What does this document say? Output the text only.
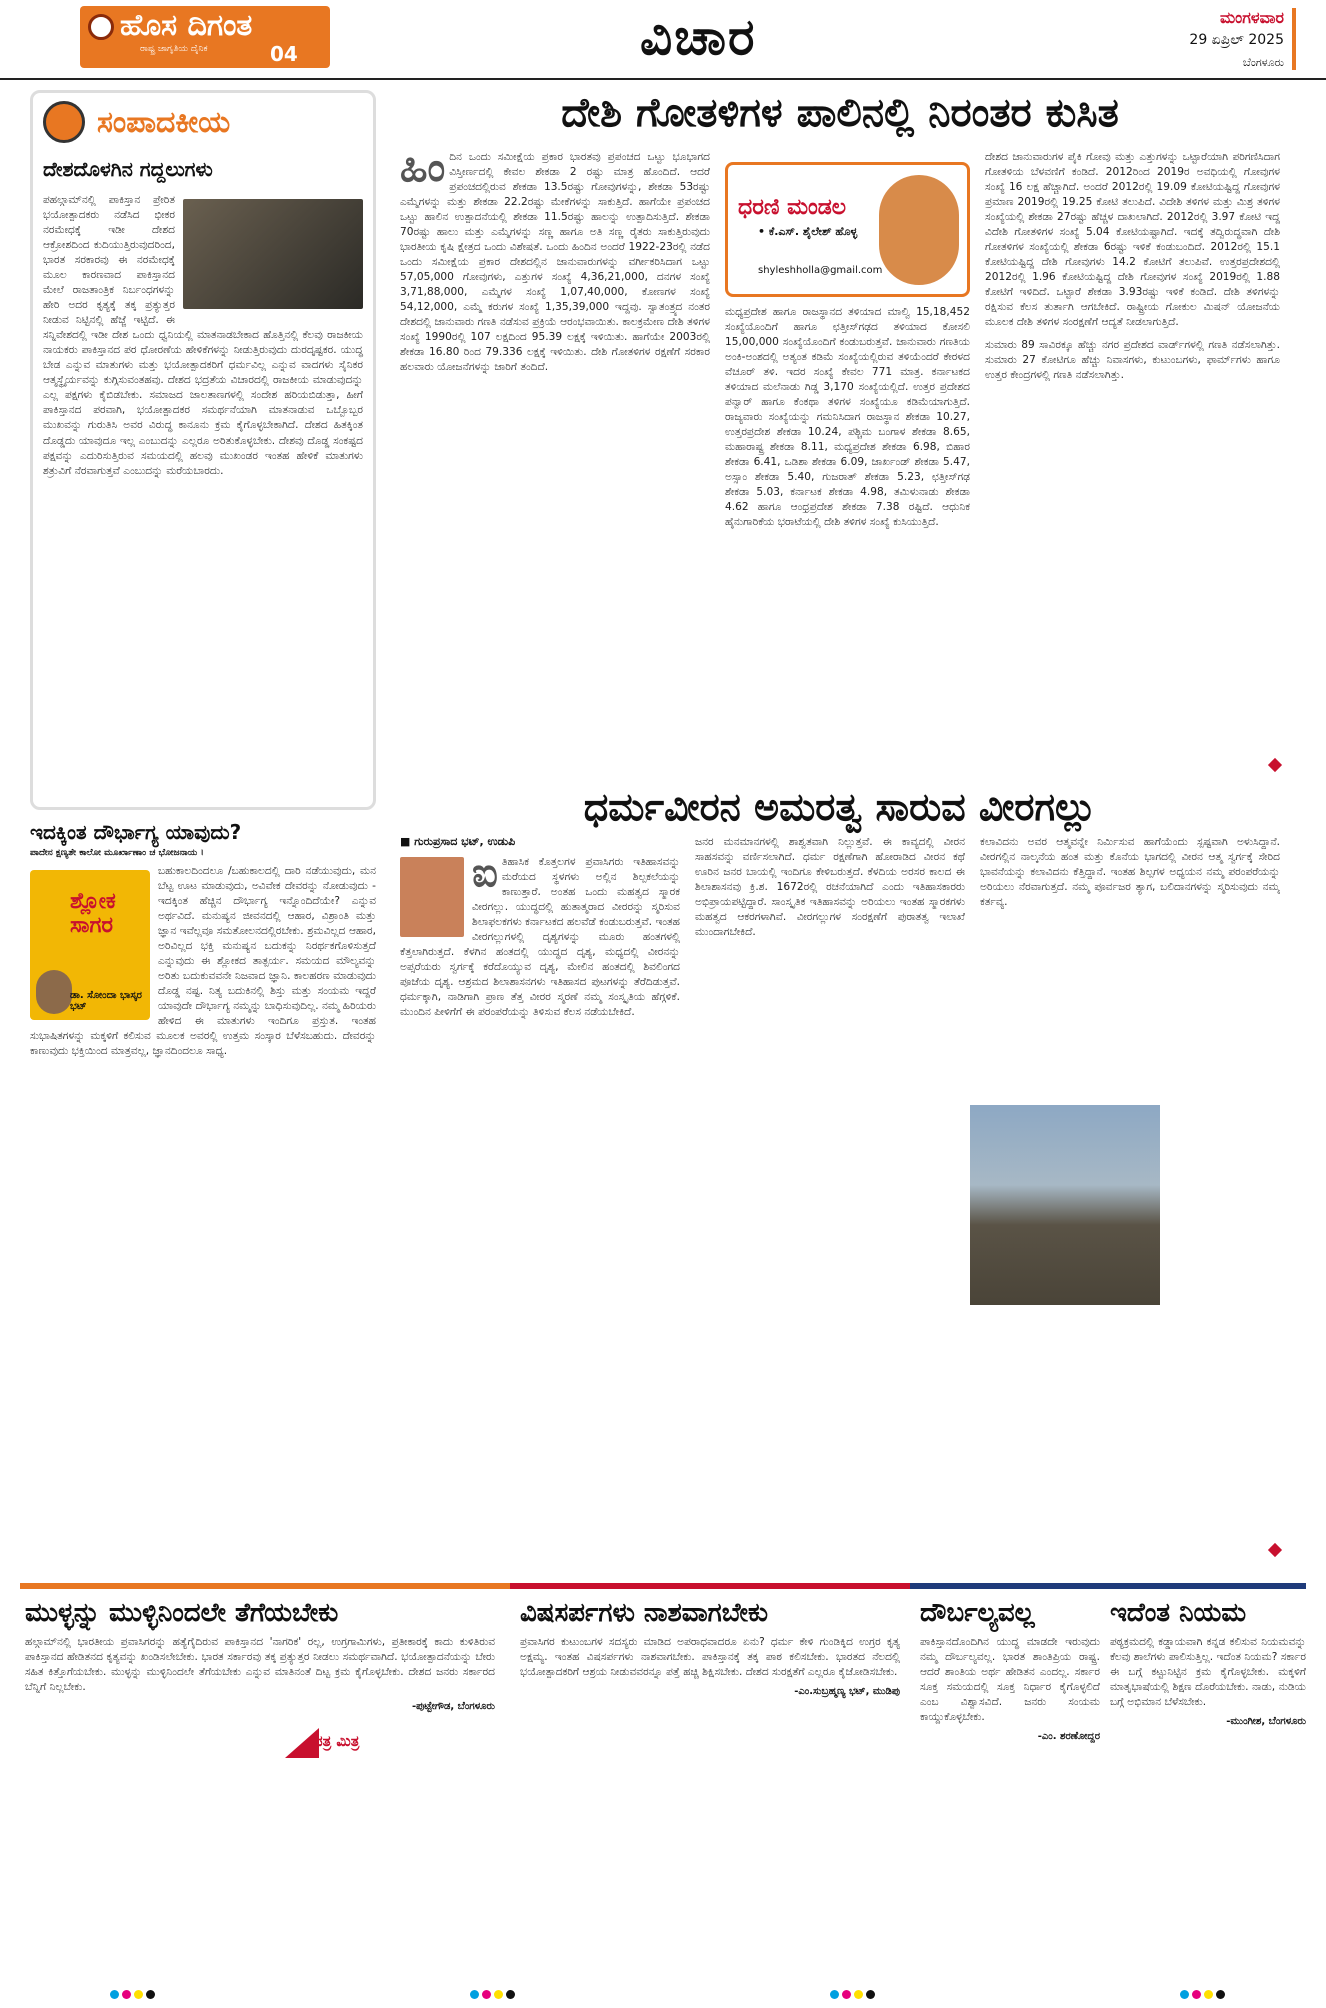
ಹೊಸ ದಿಗಂತ
ರಾಷ್ಟ್ರ ಜಾಗೃತಿಯ ದೈನಿಕ	04	ವಿಚಾರ	ಮಂಗಳವಾರ
29 ಏಪ್ರಿಲ್ 2025
ಬೆಂಗಳೂರು
ಸಂಪಾದಕೀಯ
ದೇಶದೊಳಗಿನ ಗದ್ದಲುಗಳು
ಪಹಲ್ಗಾಮ್‌ನಲ್ಲಿ ಪಾಕಿಸ್ತಾನ ಪ್ರೇರಿತ ಭಯೋತ್ಪಾದಕರು ನಡೆಸಿದ ಭೀಕರ ನರಮೇಧಕ್ಕೆ ಇಡೀ ದೇಶದ ಆಕ್ರೋಶದಿಂದ ಕುದಿಯುತ್ತಿರುವುದರಿಂದ, ಭಾರತ ಸರಕಾರವು ಈ ನರಮೇಧಕ್ಕೆ ಮೂಲ ಕಾರಣವಾದ ಪಾಕಿಸ್ತಾನದ ಮೇಲೆ ರಾಜತಾಂತ್ರಿಕ ನಿರ್ಬಂಧಗಳನ್ನು ಹೇರಿ ಅದರ ಕೃತ್ಯಕ್ಕೆ ತಕ್ಕ ಪ್ರತ್ಯುತ್ತರ ನೀಡುವ ನಿಟ್ಟಿನಲ್ಲಿ ಹೆಜ್ಜೆ ಇಟ್ಟಿದೆ. ಈ ಸನ್ನಿವೇಶದಲ್ಲಿ ಇಡೀ ದೇಶ ಒಂದು ಧ್ವನಿಯಲ್ಲಿ ಮಾತನಾಡಬೇಕಾದ ಹೊತ್ತಿನಲ್ಲಿ ಕೆಲವು ರಾಜಕೀಯ ನಾಯಕರು ಪಾಕಿಸ್ತಾನದ ಪರ ಧೋರಣೆಯ ಹೇಳಿಕೆಗಳನ್ನು ನೀಡುತ್ತಿರುವುದು ದುರದೃಷ್ಟಕರ. ಯುದ್ಧ ಬೇಡ ಎನ್ನುವ ಮಾತುಗಳು ಮತ್ತು ಭಯೋತ್ಪಾದಕರಿಗೆ ಧರ್ಮವಿಲ್ಲ ಎನ್ನುವ ವಾದಗಳು ಸೈನಿಕರ ಆತ್ಮಸ್ಥೈರ್ಯವನ್ನು ಕುಗ್ಗಿಸುವಂತಹವು. ದೇಶದ ಭದ್ರತೆಯ ವಿಚಾರದಲ್ಲಿ ರಾಜಕೀಯ ಮಾಡುವುದನ್ನು ಎಲ್ಲ ಪಕ್ಷಗಳು ಕೈಬಿಡಬೇಕು. ಸಮಾಜದ ಜಾಲತಾಣಗಳಲ್ಲಿ ಸಂದೇಶ ಹರಿಯಬಿಡುತ್ತಾ, ಹೀಗೆ ಪಾಕಿಸ್ತಾನದ ಪರವಾಗಿ, ಭಯೋತ್ಪಾದಕರ ಸಮರ್ಥನೆಯಾಗಿ ಮಾತನಾಡುವ ಒಬ್ಬೊಬ್ಬರ ಮುಖವನ್ನು ಗುರುತಿಸಿ ಅವರ ವಿರುದ್ಧ ಕಾನೂನು ಕ್ರಮ ಕೈಗೊಳ್ಳಬೇಕಾಗಿದೆ. ದೇಶದ ಹಿತಕ್ಕಿಂತ ದೊಡ್ಡದು ಯಾವುದೂ ಇಲ್ಲ ಎಂಬುದನ್ನು ಎಲ್ಲರೂ ಅರಿತುಕೊಳ್ಳಬೇಕು. ದೇಶವು ದೊಡ್ಡ ಸಂಕಷ್ಟದ ಪಕ್ಷವನ್ನು ಎದುರಿಸುತ್ತಿರುವ ಸಮಯದಲ್ಲಿ ಹಲವು ಮುಖಂಡರ ಇಂತಹ ಹೇಳಿಕೆ ಮಾತುಗಳು ಶತ್ರುವಿಗೆ ನೆರವಾಗುತ್ತವೆ ಎಂಬುದನ್ನು ಮರೆಯಬಾರದು.
ದೇಶಿ ಗೋತಳಿಗಳ ಪಾಲಿನಲ್ಲಿ ನಿರಂತರ ಕುಸಿತ
ಹಿಂ ದಿನ ಒಂದು ಸಮೀಕ್ಷೆಯ ಪ್ರಕಾರ ಭಾರತವು ಪ್ರಪಂಚದ ಒಟ್ಟು ಭೂಭಾಗದ ವಿಸ್ತೀರ್ಣದಲ್ಲಿ ಕೇವಲ ಶೇಕಡಾ 2 ರಷ್ಟು ಮಾತ್ರ ಹೊಂದಿದೆ. ಆದರೆ ಪ್ರಪಂಚದಲ್ಲಿರುವ ಶೇಕಡಾ 13.5ರಷ್ಟು ಗೋವುಗಳನ್ನು, ಶೇಕಡಾ 53ರಷ್ಟು ಎಮ್ಮೆಗಳನ್ನು ಮತ್ತು ಶೇಕಡಾ 22.2ರಷ್ಟು ಮೇಕೆಗಳನ್ನು ಸಾಕುತ್ತಿದೆ. ಹಾಗೆಯೇ ಪ್ರಪಂಚದ ಒಟ್ಟು ಹಾಲಿನ ಉತ್ಪಾದನೆಯಲ್ಲಿ ಶೇಕಡಾ 11.5ರಷ್ಟು ಹಾಲನ್ನು ಉತ್ಪಾದಿಸುತ್ತಿದೆ. ಶೇಕಡಾ 70ರಷ್ಟು ಹಾಲು ಮತ್ತು ಎಮ್ಮೆಗಳನ್ನು ಸಣ್ಣ ಹಾಗೂ ಅತಿ ಸಣ್ಣ ರೈತರು ಸಾಕುತ್ತಿರುವುದು ಭಾರತೀಯ ಕೃಷಿ ಕ್ಷೇತ್ರದ ಒಂದು ವಿಶೇಷತೆ. ಒಂದು ಹಿಂದಿನ ಅಂದರೆ 1922-23ರಲ್ಲಿ ನಡೆದ ಒಂದು ಸಮೀಕ್ಷೆಯ ಪ್ರಕಾರ ದೇಶದಲ್ಲಿನ ಜಾನುವಾರುಗಳನ್ನು ವರ್ಗೀಕರಿಸಿದಾಗ ಒಟ್ಟು 57,05,000 ಗೋವುಗಳು, ಎತ್ತುಗಳ ಸಂಖ್ಯೆ 4,36,21,000, ದನಗಳ ಸಂಖ್ಯೆ 3,71,88,000, ಎಮ್ಮೆಗಳ ಸಂಖ್ಯೆ 1,07,40,000, ಕೋಣಗಳ ಸಂಖ್ಯೆ 54,12,000, ಎಮ್ಮೆ ಕರುಗಳ ಸಂಖ್ಯೆ 1,35,39,000 ಇದ್ದವು. ಸ್ವಾತಂತ್ರ್ಯದ ನಂತರ ದೇಶದಲ್ಲಿ ಜಾನುವಾರು ಗಣತಿ ನಡೆಸುವ ಪ್ರಕ್ರಿಯೆ ಆರಂಭವಾಯಿತು. ಕಾಲಕ್ರಮೇಣ ದೇಶಿ ತಳಿಗಳ ಸಂಖ್ಯೆ 1990ರಲ್ಲಿ 107 ಲಕ್ಷದಿಂದ 95.39 ಲಕ್ಷಕ್ಕೆ ಇಳಿಯಿತು. ಹಾಗೆಯೇ 2003ರಲ್ಲಿ ಶೇಕಡಾ 16.80 ರಿಂದ 79.336 ಲಕ್ಷಕ್ಕೆ ಇಳಿಯಿತು. ದೇಶಿ ಗೋತಳಿಗಳ ರಕ್ಷಣೆಗೆ ಸರಕಾರ ಹಲವಾರು ಯೋಜನೆಗಳನ್ನು ಜಾರಿಗೆ ತಂದಿದೆ.
ಧರಣಿ ಮಂಡಲ
• ಕೆ.ಎಸ್. ಶೈಲೇಶ್ ಹೊಳ್ಳ
shyleshholla@gmail.com
ಮಧ್ಯಪ್ರದೇಶ ಹಾಗೂ ರಾಜಸ್ಥಾನದ ತಳಿಯಾದ ಮಾಲ್ವಿ 15,18,452 ಸಂಖ್ಯೆಯೊಂದಿಗೆ ಹಾಗೂ ಛತ್ತೀಸ್‌ಗಢದ ತಳಿಯಾದ ಕೋಸಲಿ 15,00,000 ಸಂಖ್ಯೆಯೊಂದಿಗೆ ಕಂಡುಬರುತ್ತವೆ. ಜಾನುವಾರು ಗಣತಿಯ ಅಂಕಿ-ಅಂಶದಲ್ಲಿ ಅತ್ಯಂತ ಕಡಿಮೆ ಸಂಖ್ಯೆಯಲ್ಲಿರುವ ತಳಿಯೆಂದರೆ ಕೇರಳದ ವೆಚೂರ್ ತಳಿ. ಇದರ ಸಂಖ್ಯೆ ಕೇವಲ 771 ಮಾತ್ರ. ಕರ್ನಾಟಕದ ತಳಿಯಾದ ಮಲೆನಾಡು ಗಿಡ್ಡ 3,170 ಸಂಖ್ಯೆಯಲ್ಲಿದೆ. ಉತ್ತರ ಪ್ರದೇಶದ ಪನ್ವಾರ್ ಹಾಗೂ ಕೆಂಕಥಾ ತಳಿಗಳ ಸಂಖ್ಯೆಯೂ ಕಡಿಮೆಯಾಗುತ್ತಿದೆ. ರಾಜ್ಯವಾರು ಸಂಖ್ಯೆಯನ್ನು ಗಮನಿಸಿದಾಗ ರಾಜಸ್ಥಾನ ಶೇಕಡಾ 10.27, ಉತ್ತರಪ್ರದೇಶ ಶೇಕಡಾ 10.24, ಪಶ್ಚಿಮ ಬಂಗಾಳ ಶೇಕಡಾ 8.65, ಮಹಾರಾಷ್ಟ್ರ ಶೇಕಡಾ 8.11, ಮಧ್ಯಪ್ರದೇಶ ಶೇಕಡಾ 6.98, ಬಿಹಾರ ಶೇಕಡಾ 6.41, ಒಡಿಶಾ ಶೇಕಡಾ 6.09, ಜಾರ್ಖಂಡ್ ಶೇಕಡಾ 5.47, ಅಸ್ಸಾಂ ಶೇಕಡಾ 5.40, ಗುಜರಾತ್ ಶೇಕಡಾ 5.23, ಛತ್ತೀಸ್‌ಗಢ ಶೇಕಡಾ 5.03, ಕರ್ನಾಟಕ ಶೇಕಡಾ 4.98, ತಮಿಳುನಾಡು ಶೇಕಡಾ 4.62 ಹಾಗೂ ಆಂಧ್ರಪ್ರದೇಶ ಶೇಕಡಾ 7.38 ರಷ್ಟಿದೆ. ಆಧುನಿಕ ಹೈನುಗಾರಿಕೆಯ ಭರಾಟೆಯಲ್ಲಿ ದೇಶಿ ತಳಿಗಳ ಸಂಖ್ಯೆ ಕುಸಿಯುತ್ತಿದೆ.
ದೇಶದ ಜಾನುವಾರುಗಳ ಪೈಕಿ ಗೋವು ಮತ್ತು ಎತ್ತುಗಳನ್ನು ಒಟ್ಟಾರೆಯಾಗಿ ಪರಿಗಣಿಸಿದಾಗ ಗೋತಳಿಯ ಬೆಳವಣಿಗೆ ಕಂಡಿದೆ. 2012ರಿಂದ 2019ರ ಅವಧಿಯಲ್ಲಿ ಗೋವುಗಳ ಸಂಖ್ಯೆ 16 ಲಕ್ಷ ಹೆಚ್ಚಾಗಿದೆ. ಅಂದರೆ 2012ರಲ್ಲಿ 19.09 ಕೋಟಿಯಷ್ಟಿದ್ದ ಗೋವುಗಳ ಪ್ರಮಾಣ 2019ರಲ್ಲಿ 19.25 ಕೋಟಿ ತಲುಪಿದೆ. ವಿದೇಶಿ ತಳಿಗಳ ಮತ್ತು ಮಿಶ್ರ ತಳಿಗಳ ಸಂಖ್ಯೆಯಲ್ಲಿ ಶೇಕಡಾ 27ರಷ್ಟು ಹೆಚ್ಚಳ ದಾಖಲಾಗಿದೆ. 2012ರಲ್ಲಿ 3.97 ಕೋಟಿ ಇದ್ದ ವಿದೇಶಿ ಗೋತಳಿಗಳ ಸಂಖ್ಯೆ 5.04 ಕೋಟಿಯಷ್ಟಾಗಿದೆ. ಇದಕ್ಕೆ ತದ್ವಿರುದ್ಧವಾಗಿ ದೇಶಿ ಗೋತಳಿಗಳ ಸಂಖ್ಯೆಯಲ್ಲಿ ಶೇಕಡಾ 6ರಷ್ಟು ಇಳಿಕೆ ಕಂಡುಬಂದಿದೆ. 2012ರಲ್ಲಿ 15.1 ಕೋಟಿಯಷ್ಟಿದ್ದ ದೇಶಿ ಗೋವುಗಳು 14.2 ಕೋಟಿಗೆ ತಲುಪಿವೆ. ಉತ್ತರಪ್ರದೇಶದಲ್ಲಿ 2012ರಲ್ಲಿ 1.96 ಕೋಟಿಯಷ್ಟಿದ್ದ ದೇಶಿ ಗೋವುಗಳ ಸಂಖ್ಯೆ 2019ರಲ್ಲಿ 1.88 ಕೋಟಿಗೆ ಇಳಿದಿದೆ. ಒಟ್ಟಾರೆ ಶೇಕಡಾ 3.93ರಷ್ಟು ಇಳಿಕೆ ಕಂಡಿದೆ. ದೇಶಿ ತಳಿಗಳನ್ನು ರಕ್ಷಿಸುವ ಕೆಲಸ ತುರ್ತಾಗಿ ಆಗಬೇಕಿದೆ. ರಾಷ್ಟ್ರೀಯ ಗೋಕುಲ ಮಿಷನ್ ಯೋಜನೆಯ ಮೂಲಕ ದೇಶಿ ತಳಿಗಳ ಸಂರಕ್ಷಣೆಗೆ ಆದ್ಯತೆ ನೀಡಲಾಗುತ್ತಿದೆ.
ಸುಮಾರು 89 ಸಾವಿರಕ್ಕೂ ಹೆಚ್ಚು ನಗರ ಪ್ರದೇಶದ ವಾರ್ಡ್‌ಗಳಲ್ಲಿ ಗಣತಿ ನಡೆಸಲಾಗಿತ್ತು. ಸುಮಾರು 27 ಕೋಟಿಗೂ ಹೆಚ್ಚು ನಿವಾಸಗಳು, ಕುಟುಂಬಗಳು, ಫಾರ್ಮ್‌ಗಳು ಹಾಗೂ ಉತ್ತರ ಕೇಂದ್ರಗಳಲ್ಲಿ ಗಣತಿ ನಡೆಸಲಾಗಿತ್ತು.
ಇದಕ್ಕಿಂತ ದೌರ್ಭಾಗ್ಯ ಯಾವುದು?
ಪಾದೇನ ಕ್ಷಣ್ಯತೇ ಕಾಲೋ ಮೂರ್ಖಾಣಾಂ ಚ ಭೋಜನಾಯ ।
ಶ್ಲೋಕ ಸಾಗರ
ಡಾ. ಸೋಂದಾ ಭಾಸ್ಕರ ಭಟ್
ಬಹುಕಾಲದಿಂದಲೂ /ಬಹುಕಾಲದಲ್ಲಿ ದಾರಿ ನಡೆಯುವುದು, ಮನ ಬೆಟ್ಟ ಊಟ ಮಾಡುವುದು, ಅವಿವೇಕ ದೇವರನ್ನು ನೋಡುವುದು - ಇದಕ್ಕಿಂತ ಹೆಚ್ಚಿನ ದೌರ್ಭಾಗ್ಯ ಇನ್ನೊಂದಿದೆಯೇ? ಎನ್ನುವ ಅರ್ಥವಿದೆ. ಮನುಷ್ಯನ ಜೀವನದಲ್ಲಿ ಆಹಾರ, ವಿಶ್ರಾಂತಿ ಮತ್ತು ಜ್ಞಾನ ಇವೆಲ್ಲವೂ ಸಮತೋಲನದಲ್ಲಿರಬೇಕು. ಶ್ರಮವಿಲ್ಲದ ಆಹಾರ, ಅರಿವಿಲ್ಲದ ಭಕ್ತಿ ಮನುಷ್ಯನ ಬದುಕನ್ನು ನಿರರ್ಥಕಗೊಳಿಸುತ್ತದೆ ಎನ್ನುವುದು ಈ ಶ್ಲೋಕದ ತಾತ್ಪರ್ಯ. ಸಮಯದ ಮೌಲ್ಯವನ್ನು ಅರಿತು ಬದುಕುವವನೇ ನಿಜವಾದ ಜ್ಞಾನಿ. ಕಾಲಹರಣ ಮಾಡುವುದು ದೊಡ್ಡ ನಷ್ಟ. ನಿತ್ಯ ಬದುಕಿನಲ್ಲಿ ಶಿಸ್ತು ಮತ್ತು ಸಂಯಮ ಇದ್ದರೆ ಯಾವುದೇ ದೌರ್ಭಾಗ್ಯ ನಮ್ಮನ್ನು ಬಾಧಿಸುವುದಿಲ್ಲ. ನಮ್ಮ ಹಿರಿಯರು ಹೇಳಿದ ಈ ಮಾತುಗಳು ಇಂದಿಗೂ ಪ್ರಸ್ತುತ. ಇಂತಹ ಸುಭಾಷಿತಗಳನ್ನು ಮಕ್ಕಳಿಗೆ ಕಲಿಸುವ ಮೂಲಕ ಅವರಲ್ಲಿ ಉತ್ತಮ ಸಂಸ್ಕಾರ ಬೆಳೆಸಬಹುದು. ದೇವರನ್ನು ಕಾಣುವುದು ಭಕ್ತಿಯಿಂದ ಮಾತ್ರವಲ್ಲ, ಜ್ಞಾನದಿಂದಲೂ ಸಾಧ್ಯ.
ಧರ್ಮವೀರನ ಅಮರತ್ವ ಸಾರುವ ವೀರಗಲ್ಲು
■ ಗುರುಪ್ರಸಾದ ಭಟ್, ಉಡುಪಿ
ಐ ತಿಹಾಸಿಕ ಕೊತ್ತಲಗಳ ಪ್ರವಾಸಿಗರು ಇತಿಹಾಸವನ್ನು ಮರೆಯದ ಸ್ಥಳಗಳು ಅಲ್ಲಿನ ಶಿಲ್ಪಕಲೆಯನ್ನು ಕಾಣುತ್ತಾರೆ. ಅಂತಹ ಒಂದು ಮಹತ್ವದ ಸ್ಮಾರಕ ವೀರಗಲ್ಲು. ಯುದ್ಧದಲ್ಲಿ ಹುತಾತ್ಮರಾದ ವೀರರನ್ನು ಸ್ಮರಿಸುವ ಶಿಲಾಫಲಕಗಳು ಕರ್ನಾಟಕದ ಹಲವೆಡೆ ಕಂಡುಬರುತ್ತವೆ. ಇಂತಹ ವೀರಗಲ್ಲುಗಳಲ್ಲಿ ದೃಶ್ಯಗಳನ್ನು ಮೂರು ಹಂತಗಳಲ್ಲಿ ಕೆತ್ತಲಾಗಿರುತ್ತದೆ. ಕೆಳಗಿನ ಹಂತದಲ್ಲಿ ಯುದ್ಧದ ದೃಶ್ಯ, ಮಧ್ಯದಲ್ಲಿ ವೀರನನ್ನು ಅಪ್ಸರೆಯರು ಸ್ವರ್ಗಕ್ಕೆ ಕರೆದೊಯ್ಯುವ ದೃಶ್ಯ, ಮೇಲಿನ ಹಂತದಲ್ಲಿ ಶಿವಲಿಂಗದ ಪೂಜೆಯ ದೃಶ್ಯ. ಆಶ್ರಮದ ಶಿಲಾಶಾಸನಗಳು ಇತಿಹಾಸದ ಪುಟಗಳನ್ನು ತೆರೆದಿಡುತ್ತವೆ. ಧರ್ಮಕ್ಕಾಗಿ, ನಾಡಿಗಾಗಿ ಪ್ರಾಣ ತೆತ್ತ ವೀರರ ಸ್ಮರಣೆ ನಮ್ಮ ಸಂಸ್ಕೃತಿಯ ಹೆಗ್ಗಳಿಕೆ. ಮುಂದಿನ ಪೀಳಿಗೆಗೆ ಈ ಪರಂಪರೆಯನ್ನು ತಿಳಿಸುವ ಕೆಲಸ ನಡೆಯಬೇಕಿದೆ.
ಜನರ ಮನಮಾನಗಳಲ್ಲಿ ಶಾಶ್ವತವಾಗಿ ನಿಲ್ಲುತ್ತವೆ. ಈ ಕಾವ್ಯದಲ್ಲಿ ವೀರನ ಸಾಹಸವನ್ನು ವರ್ಣಿಸಲಾಗಿದೆ. ಧರ್ಮ ರಕ್ಷಣೆಗಾಗಿ ಹೋರಾಡಿದ ವೀರನ ಕಥೆ ಊರಿನ ಜನರ ಬಾಯಲ್ಲಿ ಇಂದಿಗೂ ಕೇಳಿಬರುತ್ತದೆ. ಕೆಳದಿಯ ಅರಸರ ಕಾಲದ ಈ ಶಿಲಾಶಾಸನವು ಕ್ರಿ.ಶ. 1672ರಲ್ಲಿ ರಚನೆಯಾಗಿದೆ ಎಂದು ಇತಿಹಾಸಕಾರರು ಅಭಿಪ್ರಾಯಪಟ್ಟಿದ್ದಾರೆ. ಸಾಂಸ್ಕೃತಿಕ ಇತಿಹಾಸವನ್ನು ಅರಿಯಲು ಇಂತಹ ಸ್ಮಾರಕಗಳು ಮಹತ್ವದ ಆಕರಗಳಾಗಿವೆ. ವೀರಗಲ್ಲುಗಳ ಸಂರಕ್ಷಣೆಗೆ ಪುರಾತತ್ವ ಇಲಾಖೆ ಮುಂದಾಗಬೇಕಿದೆ.
ಕಲಾವಿದನು ಅವರ ಆತ್ಮವನ್ನೇ ನಿರ್ಮಿಸುವ ಹಾಗೆಯೆಂದು ಸ್ಪಷ್ಟವಾಗಿ ಅಳುಸಿದ್ದಾನೆ. ವೀರಗಲ್ಲಿನ ನಾಲ್ಕನೆಯ ಹಂತ ಮತ್ತು ಕೊನೆಯ ಭಾಗದಲ್ಲಿ ವೀರನ ಆತ್ಮ ಸ್ವರ್ಗಕ್ಕೆ ಸೇರಿದ ಭಾವನೆಯನ್ನು ಕಲಾವಿದನು ಕೆತ್ತಿದ್ದಾನೆ. ಇಂತಹ ಶಿಲ್ಪಗಳ ಅಧ್ಯಯನ ನಮ್ಮ ಪರಂಪರೆಯನ್ನು ಅರಿಯಲು ನೆರವಾಗುತ್ತದೆ. ನಮ್ಮ ಪೂರ್ವಜರ ತ್ಯಾಗ, ಬಲಿದಾನಗಳನ್ನು ಸ್ಮರಿಸುವುದು ನಮ್ಮ ಕರ್ತವ್ಯ.
ಮುಳ್ಳನ್ನು ಮುಳ್ಳಿನಿಂದಲೇ ತೆಗೆಯಬೇಕು
ಹಲ್ಗಾಮ್‌ನಲ್ಲಿ ಭಾರತೀಯ ಪ್ರವಾಸಿಗರನ್ನು ಹತ್ಯೆಗೈದಿರುವ ಪಾಕಿಸ್ತಾನದ 'ನಾಗರಿಕ' ರಲ್ಲ, ಉಗ್ರಗಾಮಿಗಳು, ಪ್ರತೀಕಾರಕ್ಕೆ ಕಾದು ಕುಳಿತಿರುವ ಪಾಕಿಸ್ತಾನದ ಹೇಡಿತನದ ಕೃತ್ಯವನ್ನು ಖಂಡಿಸಲೇಬೇಕು. ಭಾರತ ಸರ್ಕಾರವು ತಕ್ಕ ಪ್ರತ್ಯುತ್ತರ ನೀಡಲು ಸಮರ್ಥವಾಗಿದೆ. ಭಯೋತ್ಪಾದನೆಯನ್ನು ಬೇರು ಸಹಿತ ಕಿತ್ತೊಗೆಯಬೇಕು. ಮುಳ್ಳನ್ನು ಮುಳ್ಳಿನಿಂದಲೇ ತೆಗೆಯಬೇಕು ಎನ್ನುವ ಮಾತಿನಂತೆ ದಿಟ್ಟ ಕ್ರಮ ಕೈಗೊಳ್ಳಬೇಕು. ದೇಶದ ಜನರು ಸರ್ಕಾರದ ಬೆನ್ನಿಗೆ ನಿಲ್ಲಬೇಕು.
ಪತ್ರ ಮಿತ್ರ
-ಪುಟ್ಟೇಗೌಡ, ಬೆಂಗಳೂರು
ವಿಷಸರ್ಪಗಳು ನಾಶವಾಗಬೇಕು
ಪ್ರವಾಸಿಗರ ಕುಟುಂಬಗಳ ಸದಸ್ಯರು ಮಾಡಿದ ಅಪರಾಧವಾದರೂ ಏನು? ಧರ್ಮ ಕೇಳಿ ಗುಂಡಿಕ್ಕಿದ ಉಗ್ರರ ಕೃತ್ಯ ಅಕ್ಷಮ್ಯ. ಇಂತಹ ವಿಷಸರ್ಪಗಳು ನಾಶವಾಗಬೇಕು. ಪಾಕಿಸ್ತಾನಕ್ಕೆ ತಕ್ಕ ಪಾಠ ಕಲಿಸಬೇಕು. ಭಾರತದ ನೆಲದಲ್ಲಿ ಭಯೋತ್ಪಾದಕರಿಗೆ ಆಶ್ರಯ ನೀಡುವವರನ್ನೂ ಪತ್ತೆ ಹಚ್ಚಿ ಶಿಕ್ಷಿಸಬೇಕು. ದೇಶದ ಸುರಕ್ಷತೆಗೆ ಎಲ್ಲರೂ ಕೈಜೋಡಿಸಬೇಕು.
-ಎಂ.ಸುಬ್ರಹ್ಮಣ್ಯ ಭಟ್, ಮುಡಿಪು
ದೌರ್ಬಲ್ಯವಲ್ಲ
ಪಾಕಿಸ್ತಾನದೊಂದಿಗಿನ ಯುದ್ಧ ಮಾಡದೇ ಇರುವುದು ನಮ್ಮ ದೌರ್ಬಲ್ಯವಲ್ಲ. ಭಾರತ ಶಾಂತಿಪ್ರಿಯ ರಾಷ್ಟ್ರ. ಆದರೆ ಶಾಂತಿಯ ಅರ್ಥ ಹೇಡಿತನ ಎಂದಲ್ಲ. ಸರ್ಕಾರ ಸೂಕ್ತ ಸಮಯದಲ್ಲಿ ಸೂಕ್ತ ನಿರ್ಧಾರ ಕೈಗೊಳ್ಳಲಿದೆ ಎಂಬ ವಿಶ್ವಾಸವಿದೆ. ಜನರು ಸಂಯಮ ಕಾಯ್ದುಕೊಳ್ಳಬೇಕು.
-ಎಂ. ಶರಣೋದ್ದರ
ಇದೆಂತ ನಿಯಮ
ಪಠ್ಯಕ್ರಮದಲ್ಲಿ ಕಡ್ಡಾಯವಾಗಿ ಕನ್ನಡ ಕಲಿಸುವ ನಿಯಮವನ್ನು ಕೆಲವು ಶಾಲೆಗಳು ಪಾಲಿಸುತ್ತಿಲ್ಲ. ಇದೆಂತ ನಿಯಮ? ಸರ್ಕಾರ ಈ ಬಗ್ಗೆ ಕಟ್ಟುನಿಟ್ಟಿನ ಕ್ರಮ ಕೈಗೊಳ್ಳಬೇಕು. ಮಕ್ಕಳಿಗೆ ಮಾತೃಭಾಷೆಯಲ್ಲಿ ಶಿಕ್ಷಣ ದೊರೆಯಬೇಕು. ನಾಡು, ನುಡಿಯ ಬಗ್ಗೆ ಅಭಿಮಾನ ಬೆಳೆಸಬೇಕು.
-ಮುಂಗೀಶ, ಬೆಂಗಳೂರು
